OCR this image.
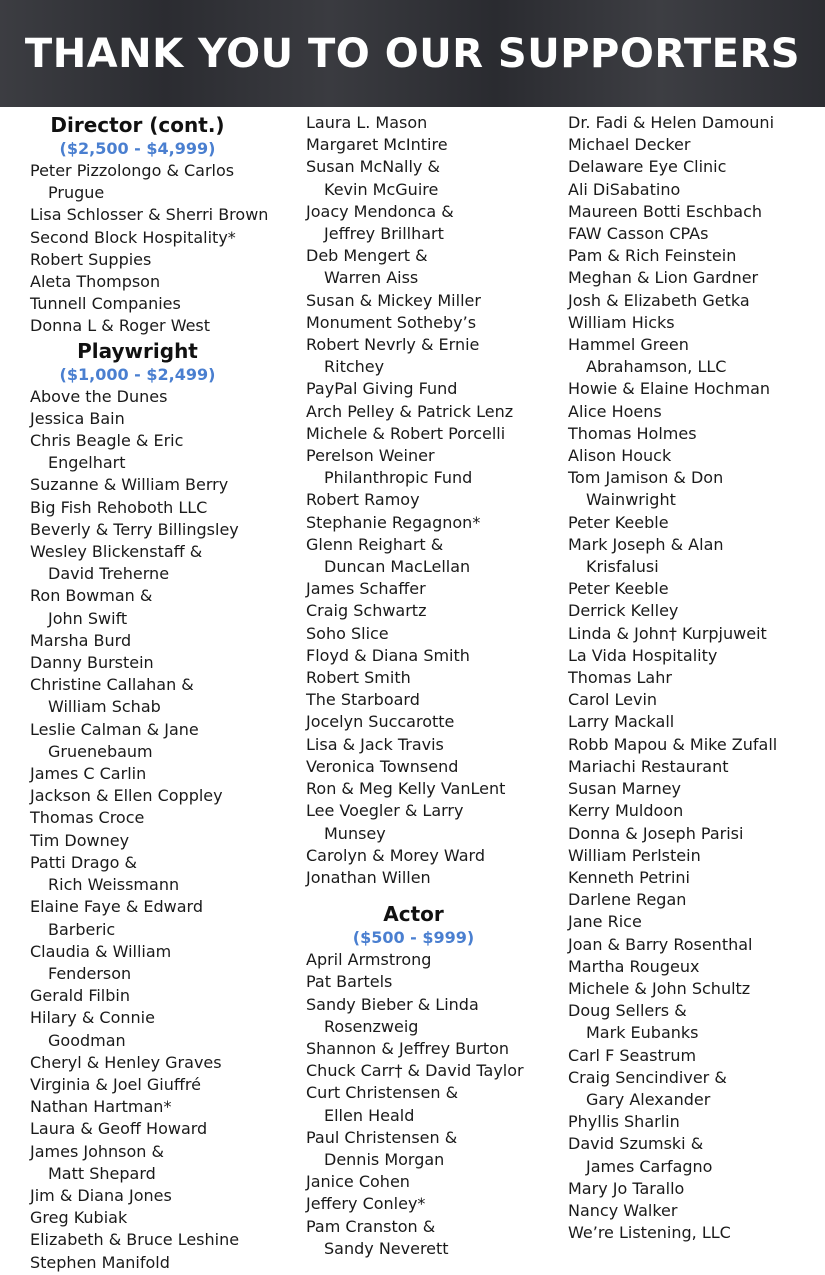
THANK YOU TO OUR SUPPORTERS
Director (cont.)
($2,500 - $4,999)
Peter Pizzolongo & Carlos
Prugue
Lisa Schlosser & Sherri Brown
Second Block Hospitality*
Robert Suppies
Aleta Thompson
Tunnell Companies
Donna L & Roger West
Playwright
($1,000 - $2,499)
Above the Dunes
Jessica Bain
Chris Beagle & Eric
Engelhart
Suzanne & William Berry
Big Fish Rehoboth LLC
Beverly & Terry Billingsley
Wesley Blickenstaff &
David Treherne
Ron Bowman &
John Swift
Marsha Burd
Danny Burstein
Christine Callahan &
William Schab
Leslie Calman & Jane
Gruenebaum
James C Carlin
Jackson & Ellen Coppley
Thomas Croce
Tim Downey
Patti Drago &
Rich Weissmann
Elaine Faye & Edward
Barberic
Claudia & William
Fenderson
Gerald Filbin
Hilary & Connie
Goodman
Cheryl & Henley Graves
Virginia & Joel Giuffré
Nathan Hartman*
Laura & Geoff Howard
James Johnson &
Matt Shepard
Jim & Diana Jones
Greg Kubiak
Elizabeth & Bruce Leshine
Stephen Manifold
Laura L. Mason
Margaret McIntire
Susan McNally &
Kevin McGuire
Joacy Mendonca &
Jeffrey Brillhart
Deb Mengert &
Warren Aiss
Susan & Mickey Miller
Monument Sotheby’s
Robert Nevrly & Ernie
Ritchey
PayPal Giving Fund
Arch Pelley & Patrick Lenz
Michele & Robert Porcelli
Perelson Weiner
Philanthropic Fund
Robert Ramoy
Stephanie Regagnon*
Glenn Reighart &
Duncan MacLellan
James Schaffer
Craig Schwartz
Soho Slice
Floyd & Diana Smith
Robert Smith
The Starboard
Jocelyn Succarotte
Lisa & Jack Travis
Veronica Townsend
Ron & Meg Kelly VanLent
Lee Voegler & Larry
Munsey
Carolyn & Morey Ward
Jonathan Willen
Actor
($500 - $999)
April Armstrong
Pat Bartels
Sandy Bieber & Linda
Rosenzweig
Shannon & Jeffrey Burton
Chuck Carr† & David Taylor
Curt Christensen &
Ellen Heald
Paul Christensen &
Dennis Morgan
Janice Cohen
Jeffery Conley*
Pam Cranston &
Sandy Neverett
Dr. Fadi & Helen Damouni
Michael Decker
Delaware Eye Clinic
Ali DiSabatino
Maureen Botti Eschbach
FAW Casson CPAs
Pam & Rich Feinstein
Meghan & Lion Gardner
Josh & Elizabeth Getka
William Hicks
Hammel Green
Abrahamson, LLC
Howie & Elaine Hochman
Alice Hoens
Thomas Holmes
Alison Houck
Tom Jamison & Don
Wainwright
Peter Keeble
Mark Joseph & Alan
Krisfalusi
Peter Keeble
Derrick Kelley
Linda & John† Kurpjuweit
La Vida Hospitality
Thomas Lahr
Carol Levin
Larry Mackall
Robb Mapou & Mike Zufall
Mariachi Restaurant
Susan Marney
Kerry Muldoon
Donna & Joseph Parisi
William Perlstein
Kenneth Petrini
Darlene Regan
Jane Rice
Joan & Barry Rosenthal
Martha Rougeux
Michele & John Schultz
Doug Sellers &
Mark Eubanks
Carl F Seastrum
Craig Sencindiver &
Gary Alexander
Phyllis Sharlin
David Szumski &
James Carfagno
Mary Jo Tarallo
Nancy Walker
We’re Listening, LLC
